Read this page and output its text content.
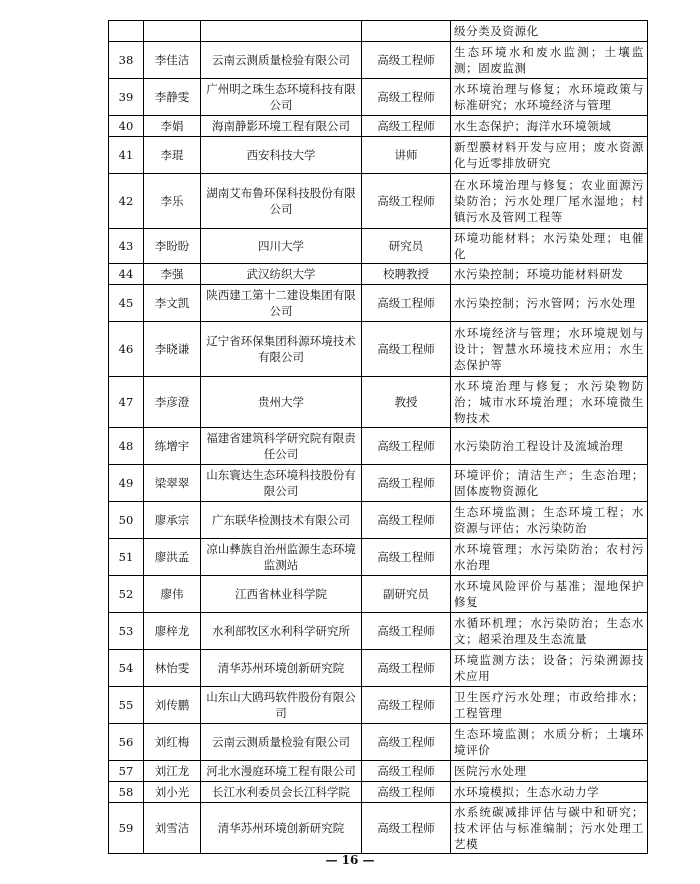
				级分类及资源化
38	李佳洁	云南云测质量检验有限公司	高级工程师	生态环境水和废水监测；土壤监测；固废监测
39	李静雯	广州明之珠生态环境科技有限公司	高级工程师	水环境治理与修复；水环境政策与标准研究；水环境经济与管理
40	李娟	海南静影环境工程有限公司	高级工程师	水生态保护；海洋水环境领域
41	李琨	西安科技大学	讲师	新型膜材料开发与应用；废水资源化与近零排放研究
42	李乐	湖南艾布鲁环保科技股份有限公司	高级工程师	在水环境治理与修复；农业面源污染防治；污水处理厂尾水湿地；村镇污水及管网工程等
43	李盼盼	四川大学	研究员	环境功能材料；水污染处理；电催化
44	李强	武汉纺织大学	校聘教授	水污染控制；环境功能材料研发
45	李文凯	陕西建工第十二建设集团有限公司	高级工程师	水污染控制；污水管网；污水处理
46	李晓谦	辽宁省环保集团科源环境技术有限公司	高级工程师	水环境经济与管理；水环境规划与设计；智慧水环境技术应用；水生态保护等
47	李彦澄	贵州大学	教授	水环境治理与修复；水污染物防治；城市水环境治理；水环境微生物技术
48	练增宇	福建省建筑科学研究院有限责任公司	高级工程师	水污染防治工程设计及流域治理
49	梁翠翠	山东寰达生态环境科技股份有限公司	高级工程师	环境评价；清洁生产；生态治理；固体废物资源化
50	廖承宗	广东联华检测技术有限公司	高级工程师	生态环境监测；生态环境工程；水资源与评估；水污染防治
51	廖洪孟	凉山彝族自治州监源生态环境监测站	高级工程师	水环境管理；水污染防治；农村污水治理
52	廖伟	江西省林业科学院	副研究员	水环境风险评价与基准；湿地保护修复
53	廖梓龙	水利部牧区水利科学研究所	高级工程师	水循环机理；水污染防治；生态水文；超采治理及生态流量
54	林怡雯	清华苏州环境创新研究院	高级工程师	环境监测方法；设备；污染溯源技术应用
55	刘传鹏	山东山大鸥玛软件股份有限公司	高级工程师	卫生医疗污水处理；市政给排水；工程管理
56	刘红梅	云南云测质量检验有限公司	高级工程师	生态环境监测；水质分析；土壤环境评价
57	刘江龙	河北水漫庭环境工程有限公司	高级工程师	医院污水处理
58	刘小光	长江水利委员会长江科学院	高级工程师	水环境模拟；生态水动力学
59	刘雪洁	清华苏州环境创新研究院	高级工程师	水系统碳减排评估与碳中和研究；技术评估与标准编制；污水处理工艺模
— 16 —
